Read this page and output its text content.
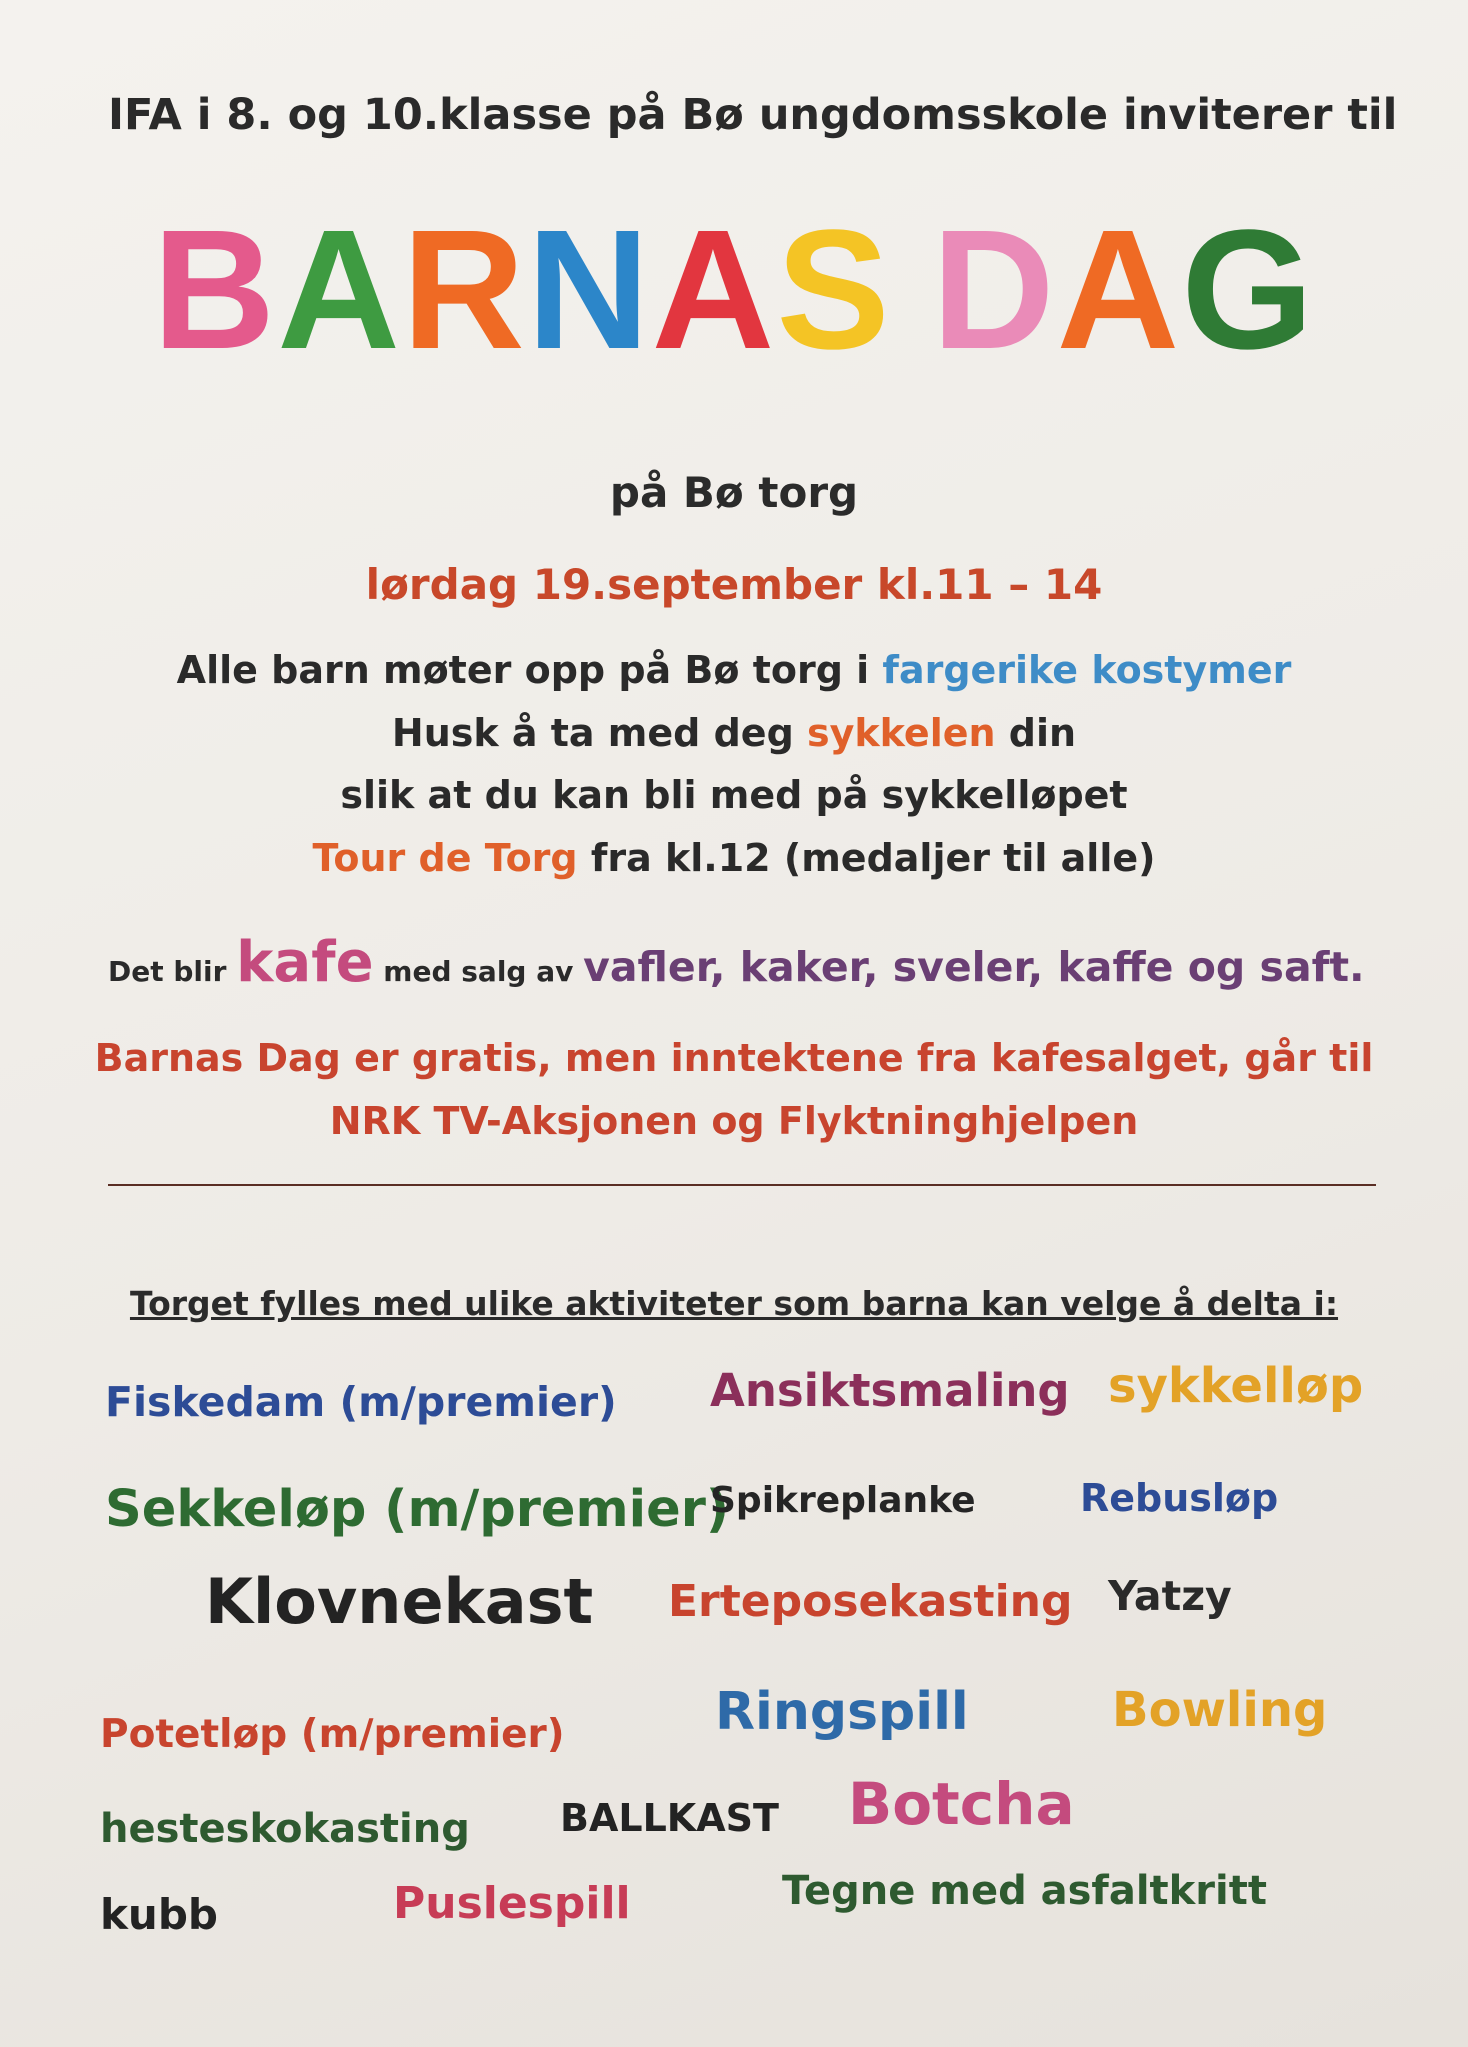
IFA i 8. og 10.klasse på Bø ungdomsskole inviterer til
BARNAS DAG
på Bø torg
lørdag 19.september kl.11 – 14
Alle barn møter opp på Bø torg i fargerike kostymer
Husk å ta med deg sykkelen din
slik at du kan bli med på sykkelløpet
Tour de Torg fra kl.12 (medaljer til alle)
Det blir kafe med salg av vafler, kaker, sveler, kaffe og saft.
Barnas Dag er gratis, men inntektene fra kafesalget, går til
NRK TV-Aksjonen og Flyktninghjelpen
Torget fylles med ulike aktiviteter som barna kan velge å delta i:
Fiskedam (m/premier) Ansiktsmaling sykkelløp
Sekkeløp (m/premier)
Spikreplanke	Rebusløp
Klovnekast Erteposekasting Yatzy
Potetløp (m/premier)	Ringspill	Bowling
hesteskokasting BALLKAST Botcha
kubb	Puslespill	Tegne med asfaltkritt
